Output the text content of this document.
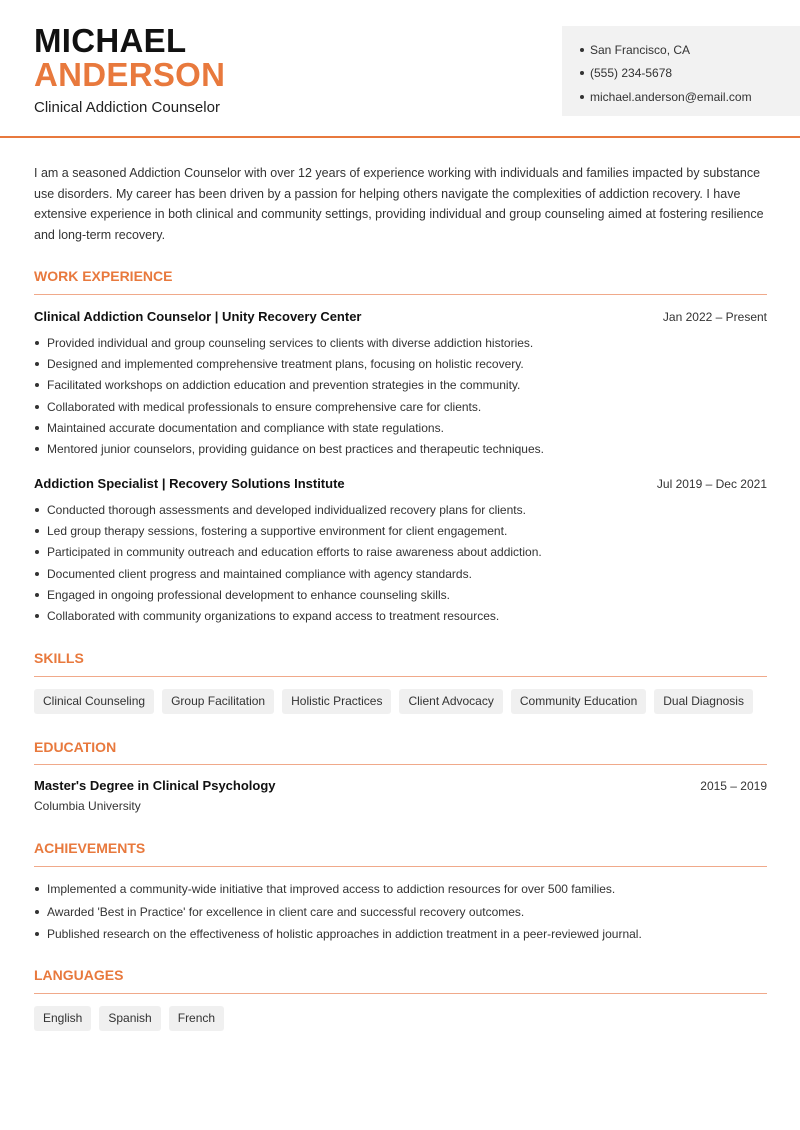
MICHAEL
ANDERSON
Clinical Addiction Counselor
San Francisco, CA
(555) 234-5678
michael.anderson@email.com

I am a seasoned Addiction Counselor with over 12 years of experience working with individuals and families impacted by substance use disorders. My career has been driven by a passion for helping others navigate the complexities of addiction recovery. I have extensive experience in both clinical and community settings, providing individual and group counseling aimed at fostering resilience and long-term recovery.

WORK EXPERIENCE
Clinical Addiction Counselor | Unity Recovery Center	Jan 2022 – Present
Provided individual and group counseling services to clients with diverse addiction histories.
Designed and implemented comprehensive treatment plans, focusing on holistic recovery.
Facilitated workshops on addiction education and prevention strategies in the community.
Collaborated with medical professionals to ensure comprehensive care for clients.
Maintained accurate documentation and compliance with state regulations.
Mentored junior counselors, providing guidance on best practices and therapeutic techniques.
Addiction Specialist | Recovery Solutions Institute	Jul 2019 – Dec 2021
Conducted thorough assessments and developed individualized recovery plans for clients.
Led group therapy sessions, fostering a supportive environment for client engagement.
Participated in community outreach and education efforts to raise awareness about addiction.
Documented client progress and maintained compliance with agency standards.
Engaged in ongoing professional development to enhance counseling skills.
Collaborated with community organizations to expand access to treatment resources.
SKILLS
Clinical Counseling	Group Facilitation	Holistic Practices	Client Advocacy	Community Education	Dual Diagnosis
EDUCATION
Master's Degree in Clinical Psychology	2015 – 2019
Columbia University
ACHIEVEMENTS
Implemented a community-wide initiative that improved access to addiction resources for over 500 families.
Awarded 'Best in Practice' for excellence in client care and successful recovery outcomes.
Published research on the effectiveness of holistic approaches in addiction treatment in a peer-reviewed journal.
LANGUAGES
English	Spanish	French
